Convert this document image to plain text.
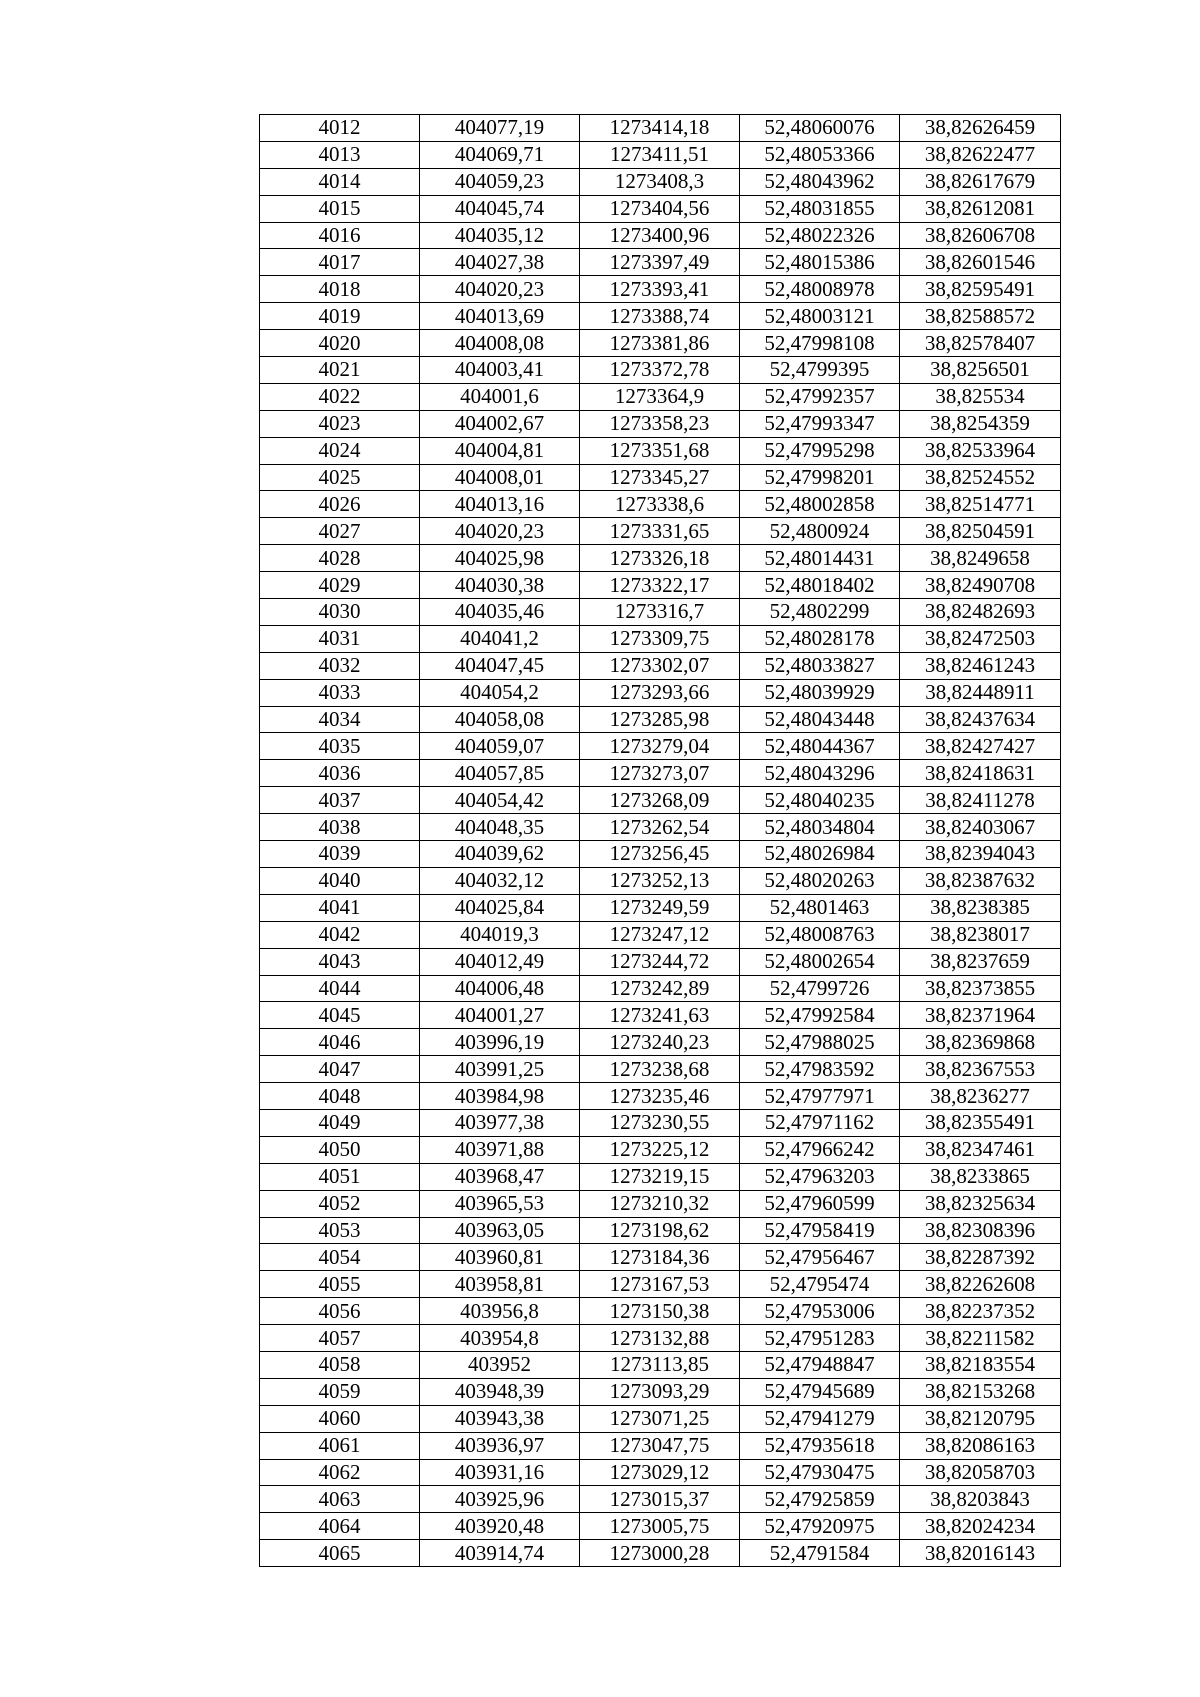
4012	404077,19	1273414,18	52,48060076	38,82626459
4013	404069,71	1273411,51	52,48053366	38,82622477
4014	404059,23	1273408,3	52,48043962	38,82617679
4015	404045,74	1273404,56	52,48031855	38,82612081
4016	404035,12	1273400,96	52,48022326	38,82606708
4017	404027,38	1273397,49	52,48015386	38,82601546
4018	404020,23	1273393,41	52,48008978	38,82595491
4019	404013,69	1273388,74	52,48003121	38,82588572
4020	404008,08	1273381,86	52,47998108	38,82578407
4021	404003,41	1273372,78	52,4799395	38,8256501
4022	404001,6	1273364,9	52,47992357	38,825534
4023	404002,67	1273358,23	52,47993347	38,8254359
4024	404004,81	1273351,68	52,47995298	38,82533964
4025	404008,01	1273345,27	52,47998201	38,82524552
4026	404013,16	1273338,6	52,48002858	38,82514771
4027	404020,23	1273331,65	52,4800924	38,82504591
4028	404025,98	1273326,18	52,48014431	38,8249658
4029	404030,38	1273322,17	52,48018402	38,82490708
4030	404035,46	1273316,7	52,4802299	38,82482693
4031	404041,2	1273309,75	52,48028178	38,82472503
4032	404047,45	1273302,07	52,48033827	38,82461243
4033	404054,2	1273293,66	52,48039929	38,82448911
4034	404058,08	1273285,98	52,48043448	38,82437634
4035	404059,07	1273279,04	52,48044367	38,82427427
4036	404057,85	1273273,07	52,48043296	38,82418631
4037	404054,42	1273268,09	52,48040235	38,82411278
4038	404048,35	1273262,54	52,48034804	38,82403067
4039	404039,62	1273256,45	52,48026984	38,82394043
4040	404032,12	1273252,13	52,48020263	38,82387632
4041	404025,84	1273249,59	52,4801463	38,8238385
4042	404019,3	1273247,12	52,48008763	38,8238017
4043	404012,49	1273244,72	52,48002654	38,8237659
4044	404006,48	1273242,89	52,4799726	38,82373855
4045	404001,27	1273241,63	52,47992584	38,82371964
4046	403996,19	1273240,23	52,47988025	38,82369868
4047	403991,25	1273238,68	52,47983592	38,82367553
4048	403984,98	1273235,46	52,47977971	38,8236277
4049	403977,38	1273230,55	52,47971162	38,82355491
4050	403971,88	1273225,12	52,47966242	38,82347461
4051	403968,47	1273219,15	52,47963203	38,8233865
4052	403965,53	1273210,32	52,47960599	38,82325634
4053	403963,05	1273198,62	52,47958419	38,82308396
4054	403960,81	1273184,36	52,47956467	38,82287392
4055	403958,81	1273167,53	52,4795474	38,82262608
4056	403956,8	1273150,38	52,47953006	38,82237352
4057	403954,8	1273132,88	52,47951283	38,82211582
4058	403952	1273113,85	52,47948847	38,82183554
4059	403948,39	1273093,29	52,47945689	38,82153268
4060	403943,38	1273071,25	52,47941279	38,82120795
4061	403936,97	1273047,75	52,47935618	38,82086163
4062	403931,16	1273029,12	52,47930475	38,82058703
4063	403925,96	1273015,37	52,47925859	38,8203843
4064	403920,48	1273005,75	52,47920975	38,82024234
4065	403914,74	1273000,28	52,4791584	38,82016143
